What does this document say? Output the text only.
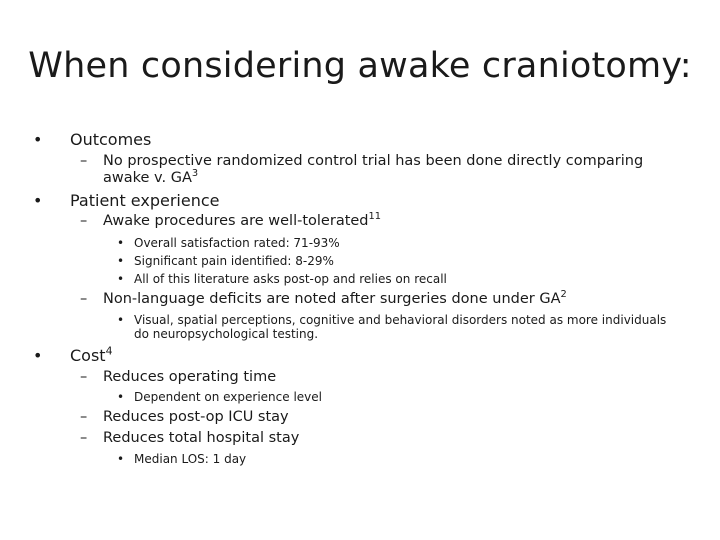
When considering awake craniotomy:
• Outcomes
– No prospective randomized control trial has been done directly comparing
awake v. $GA^3$
• Patient experience
– Awake procedures are well-tolerated$^{11}$
• Overall satisfaction rated: 71-93%
• Significant pain identified: 8-29%
• All of this literature asks post-op and relies on recall
– Non-language deficits are noted after surgeries done under $GA^2$
• Visual, spatial perceptions, cognitive and behavioral disorders noted as more individuals
do neuropsychological testing.
• Cost$^4$
– Reduces operating time
• Dependent on experience level
– Reduces post-op ICU stay
– Reduces total hospital stay
• Median LOS: 1 day
